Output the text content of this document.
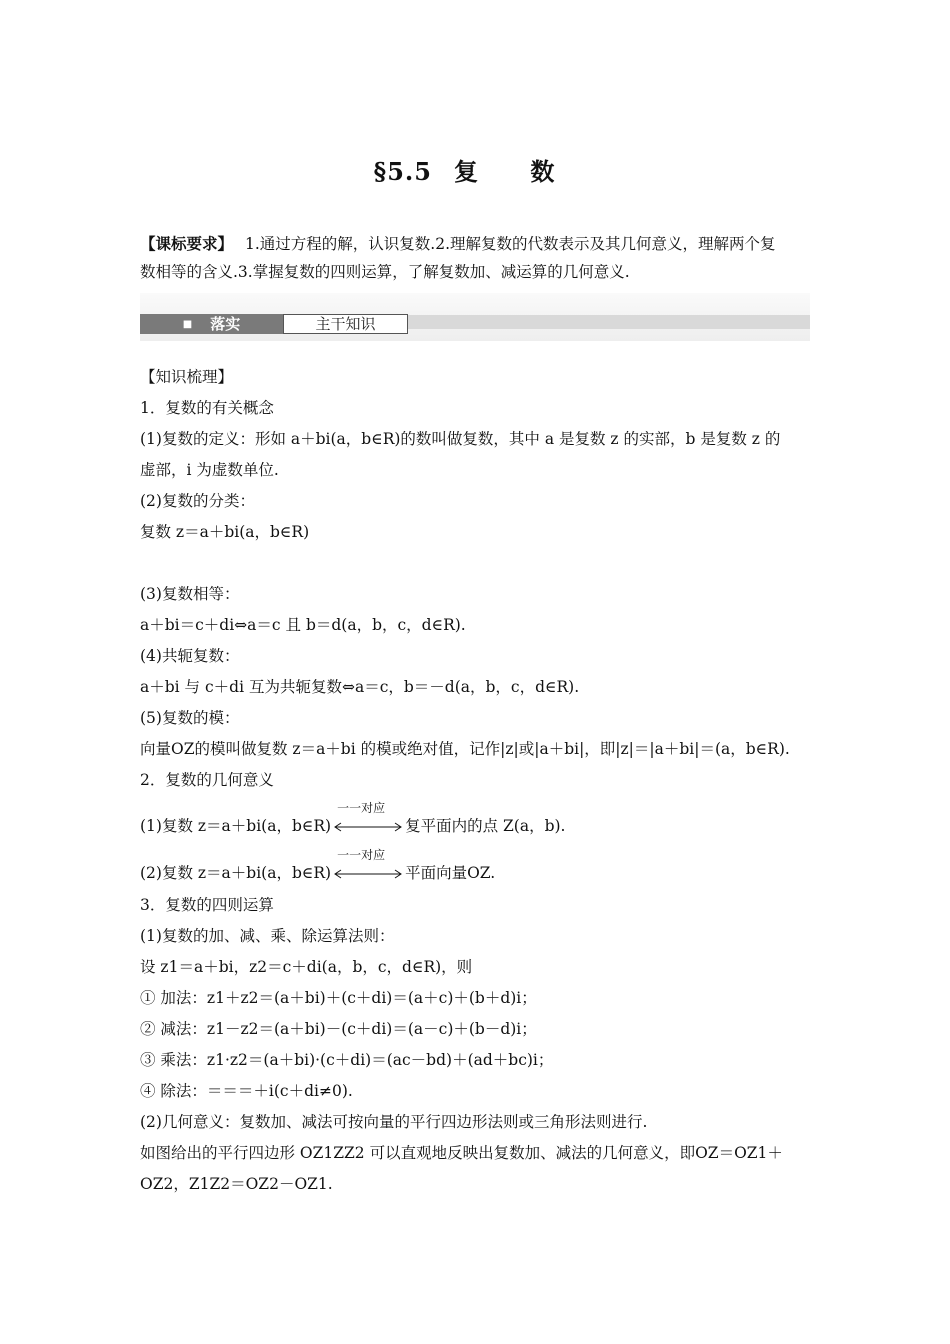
§5.5 复 数
【课标要求】 1.通过方程的解，认识复数.2.理解复数的代数表示及其几何意义，理解两个复
数相等的含义.3.掌握复数的四则运算，了解复数加、减运算的几何意义.
■ 落实	主干知识
【知识梳理】
1．复数的有关概念
(1)复数的定义：形如 a＋bi(a，b∈R)的数叫做复数，其中 a 是复数 z 的实部，b 是复数 z 的
虚部，i 为虚数单位.
(2)复数的分类：
复数 z＝a＋bi(a，b∈R)
(3)复数相等：
a＋bi＝c＋di⇔a＝c 且 b＝d(a，b，c，d∈R).
(4)共轭复数：
a＋bi 与 c＋di 互为共轭复数⇔a＝c，b＝－d(a，b，c，d∈R).
(5)复数的模：
向量OZ的模叫做复数 z＝a＋bi 的模或绝对值，记作|z|或|a＋bi|，即|z|＝|a＋bi|＝(a，b∈R).
2．复数的几何意义
(1)复数 z＝a＋bi(a，b∈R)
一一对应
复平面内的点 Z(a，b).
(2)复数 z＝a＋bi(a，b∈R)
一一对应
平面向量OZ.
3．复数的四则运算
(1)复数的加、减、乘、除运算法则：
设 z1＝a＋bi，z2＝c＋di(a，b，c，d∈R)，则
① 加法：z1＋z2＝(a＋bi)＋(c＋di)＝(a＋c)＋(b＋d)i；
② 减法：z1－z2＝(a＋bi)－(c＋di)＝(a－c)＋(b－d)i；
③ 乘法：z1·z2＝(a＋bi)·(c＋di)＝(ac－bd)＋(ad＋bc)i；
④ 除法：＝＝＝＋i(c＋di≠0).
(2)几何意义：复数加、减法可按向量的平行四边形法则或三角形法则进行.
如图给出的平行四边形 OZ1ZZ2 可以直观地反映出复数加、减法的几何意义，即OZ＝OZ1＋
OZ2，Z1Z2＝OZ2－OZ1.
